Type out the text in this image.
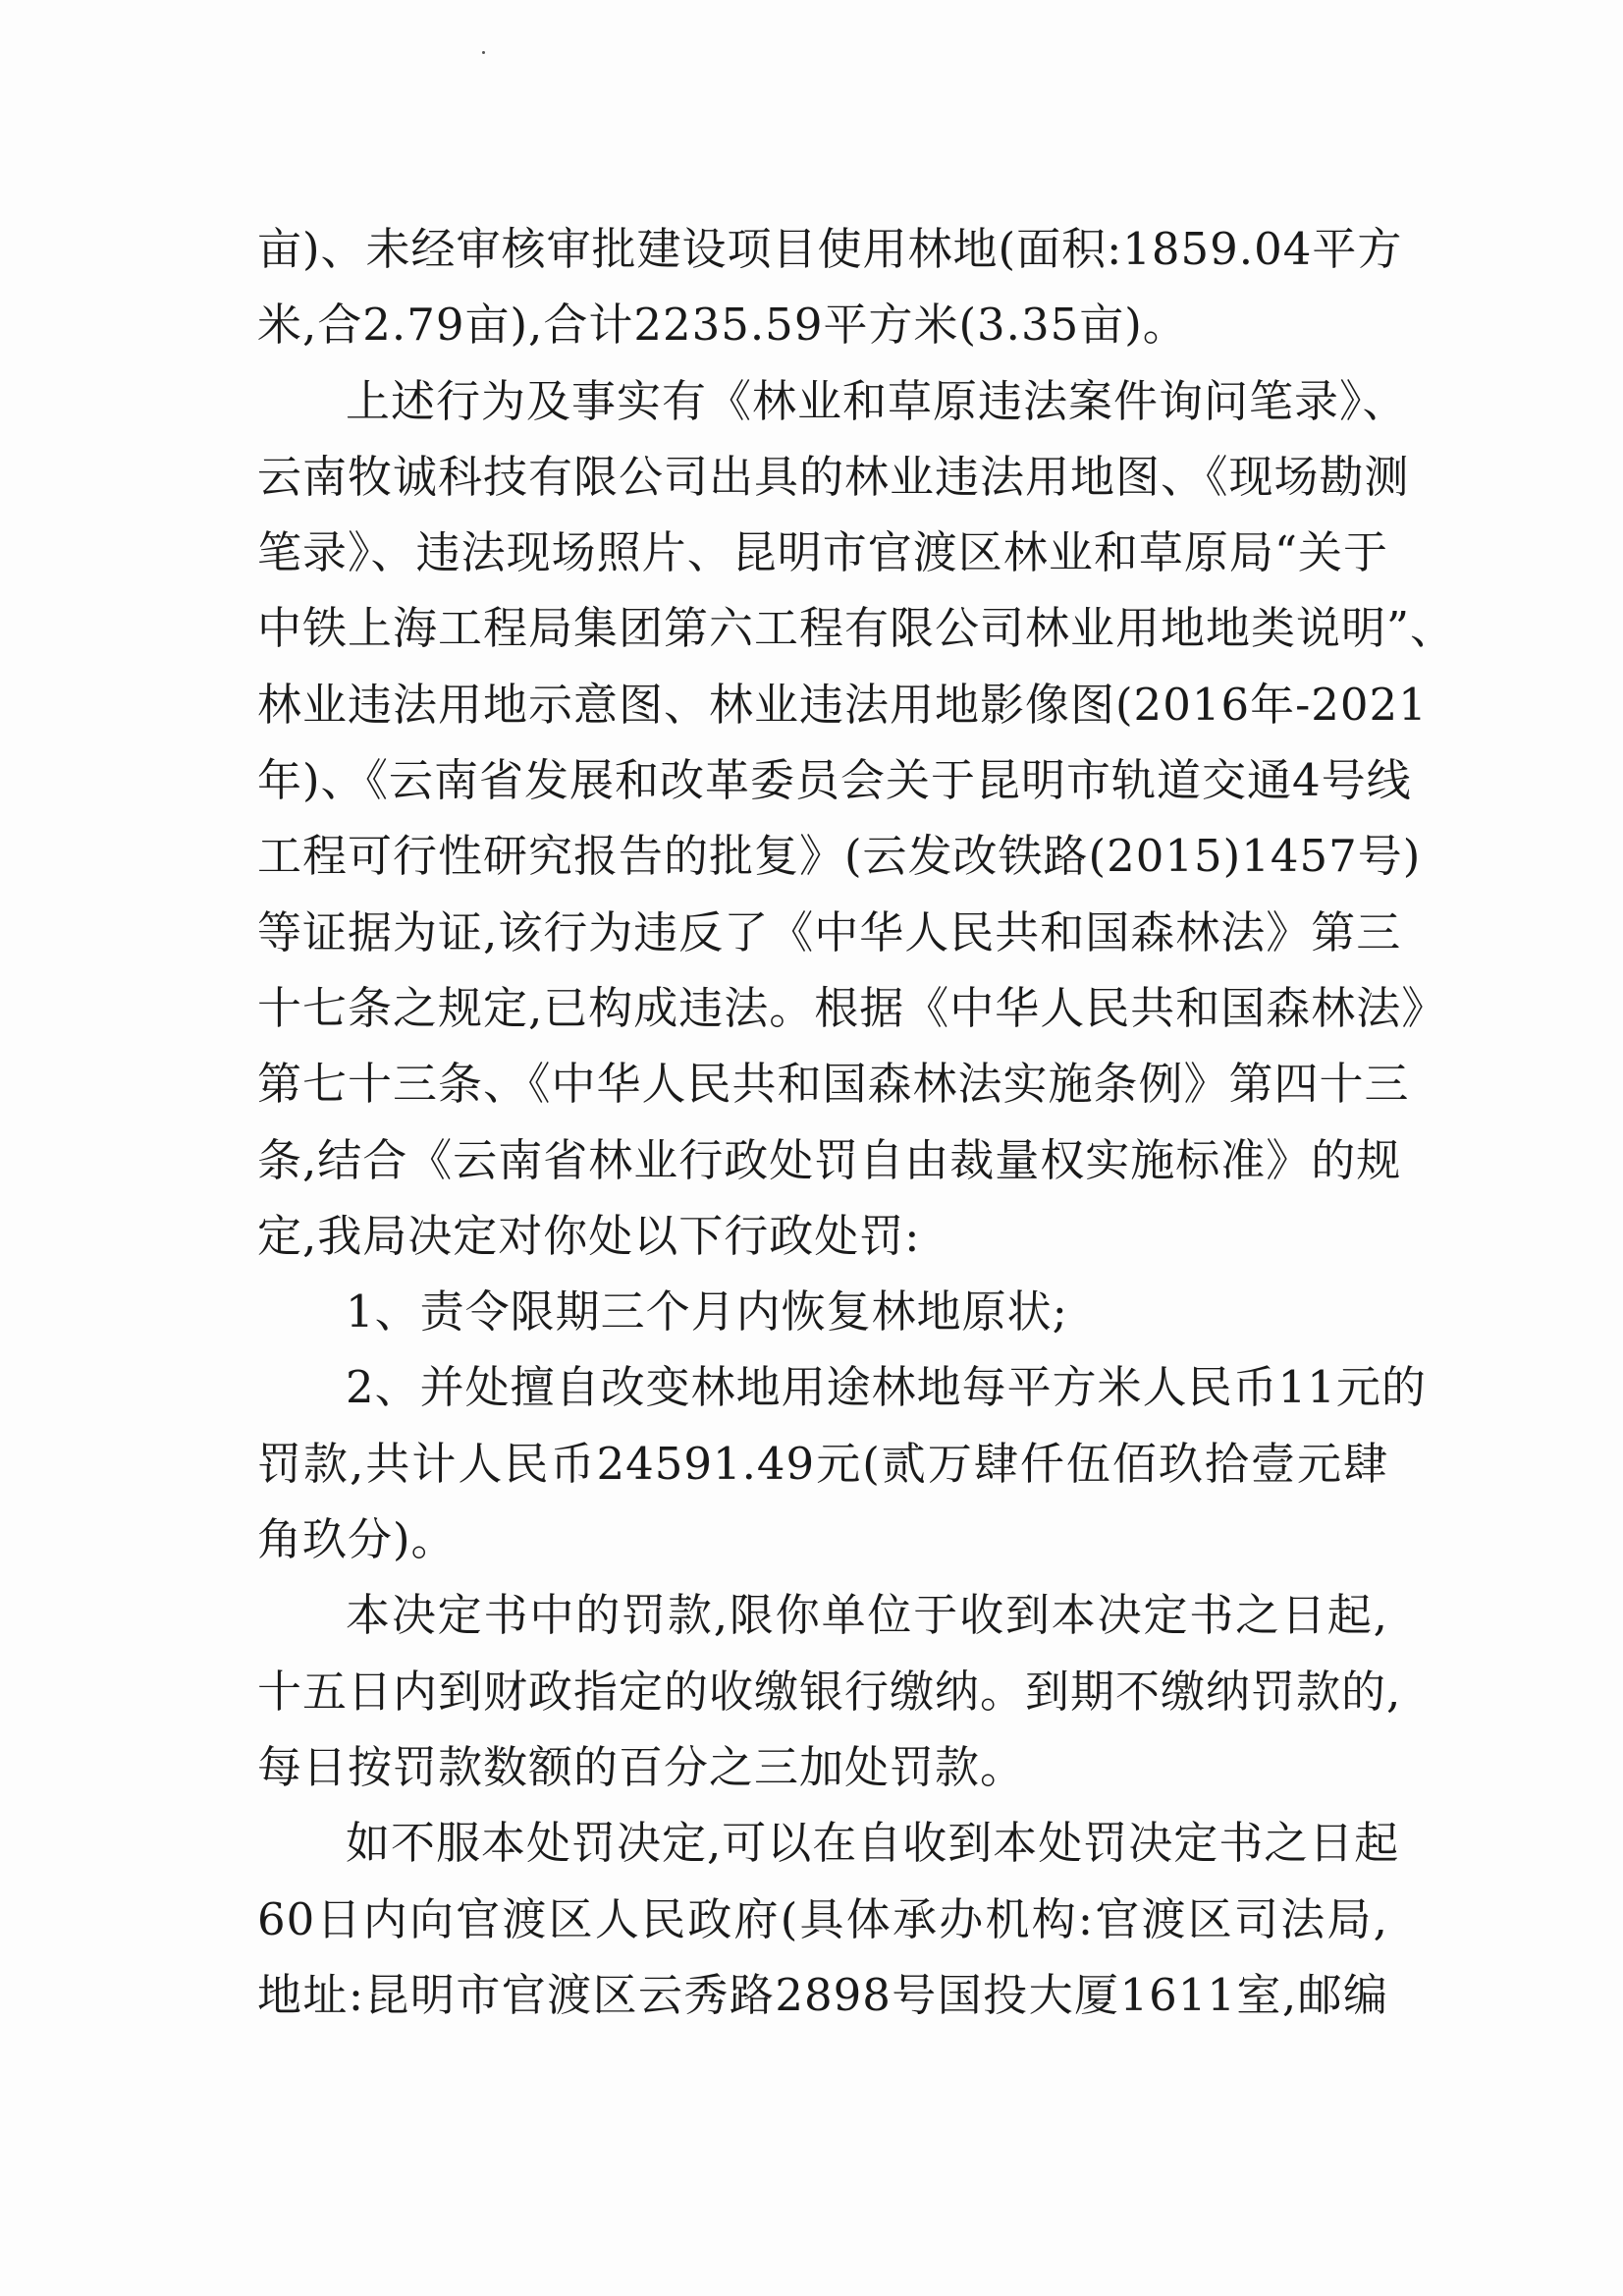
亩)、未经审核审批建设项目使用林地(面积:1859.04平方
米,合2.79亩),合计2235.59平方米(3.35亩)。
上述行为及事实有《林业和草原违法案件询问笔录》、
云南牧诚科技有限公司出具的林业违法用地图、《现场勘测
笔录》、违法现场照片、昆明市官渡区林业和草原局“关于
中铁上海工程局集团第六工程有限公司林业用地地类说明”、
林业违法用地示意图、林业违法用地影像图(2016年-2021
年)、《云南省发展和改革委员会关于昆明市轨道交通4号线
工程可行性研究报告的批复》(云发改铁路(2015)1457号)
等证据为证,该行为违反了《中华人民共和国森林法》第三
十七条之规定,已构成违法。根据《中华人民共和国森林法》
第七十三条、《中华人民共和国森林法实施条例》第四十三
条,结合《云南省林业行政处罚自由裁量权实施标准》的规
定,我局决定对你处以下行政处罚:
1、责令限期三个月内恢复林地原状;
2、并处擅自改变林地用途林地每平方米人民币11元的
罚款,共计人民币24591.49元(贰万肆仟伍佰玖拾壹元肆
角玖分)。
本决定书中的罚款,限你单位于收到本决定书之日起,
十五日内到财政指定的收缴银行缴纳。到期不缴纳罚款的,
每日按罚款数额的百分之三加处罚款。
如不服本处罚决定,可以在自收到本处罚决定书之日起
60日内向官渡区人民政府(具体承办机构:官渡区司法局,
地址:昆明市官渡区云秀路2898号国投大厦1611室,邮编
